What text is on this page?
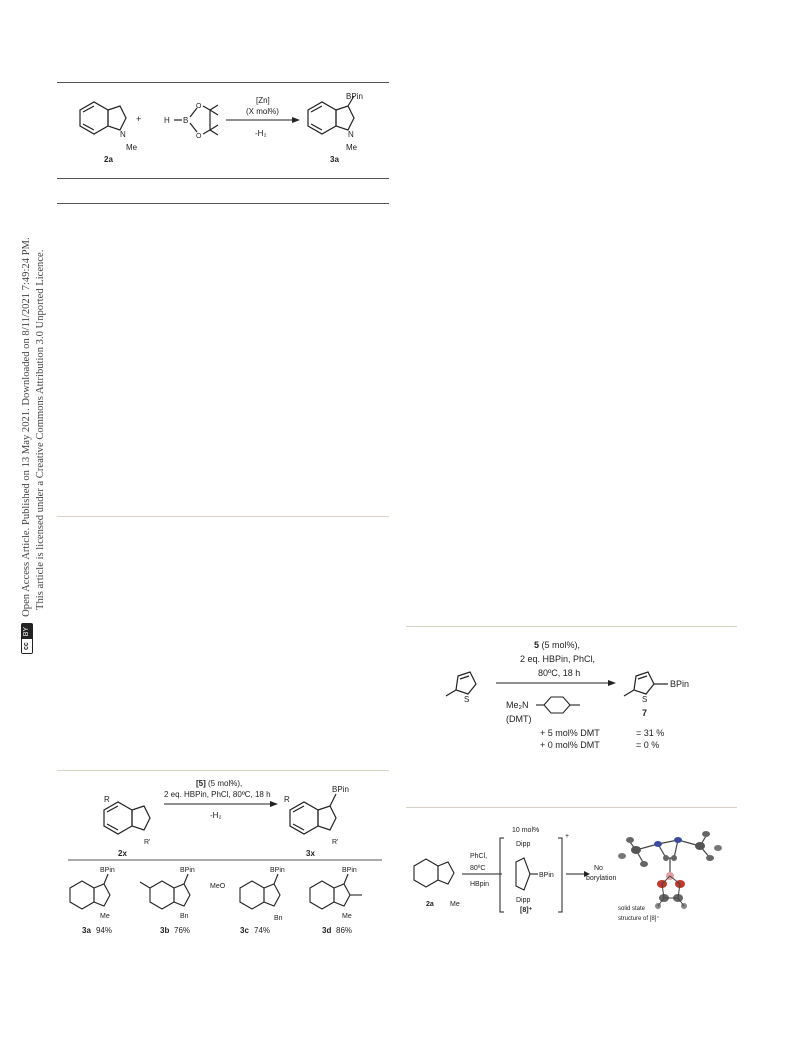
ccBYOpen Access Article. Published on 13 May 2021. Downloaded on 8/11/2021 7:49:24 PM. This article is licensed under a Creative Commons Attribution 3.0 Unported Licence.
N
Me
2a
+	H B
O
O
[Zn]
(X mol%)
-H₂
BPin
N
Me
3a
5 (5 mol%),
2 eq. HBPin, PhCl,
80ºC, 18 h
S
Me₂N
(DMT)
S
BPin
7
+ 5 mol% DMT	= 31 %
+ 0 mol% DMT	= 0 %
R
R'
2x
[5] (5 mol%),
2 eq. HBPin, PhCl, 80ºC, 18 h
-H₂
R
BPin
R'
3x
BPin
Me
3a 94%
BPin
Bn
3b 76%
MeO
BPin
Bn
3c 74%
BPin
Me
3d 86%
2a Me
PhCl,
80ºC
HBpin
10 mol%
+
Dipp
BPin
Dipp
[8]⁺
No
borylation
solid state
structure of [8]⁺
